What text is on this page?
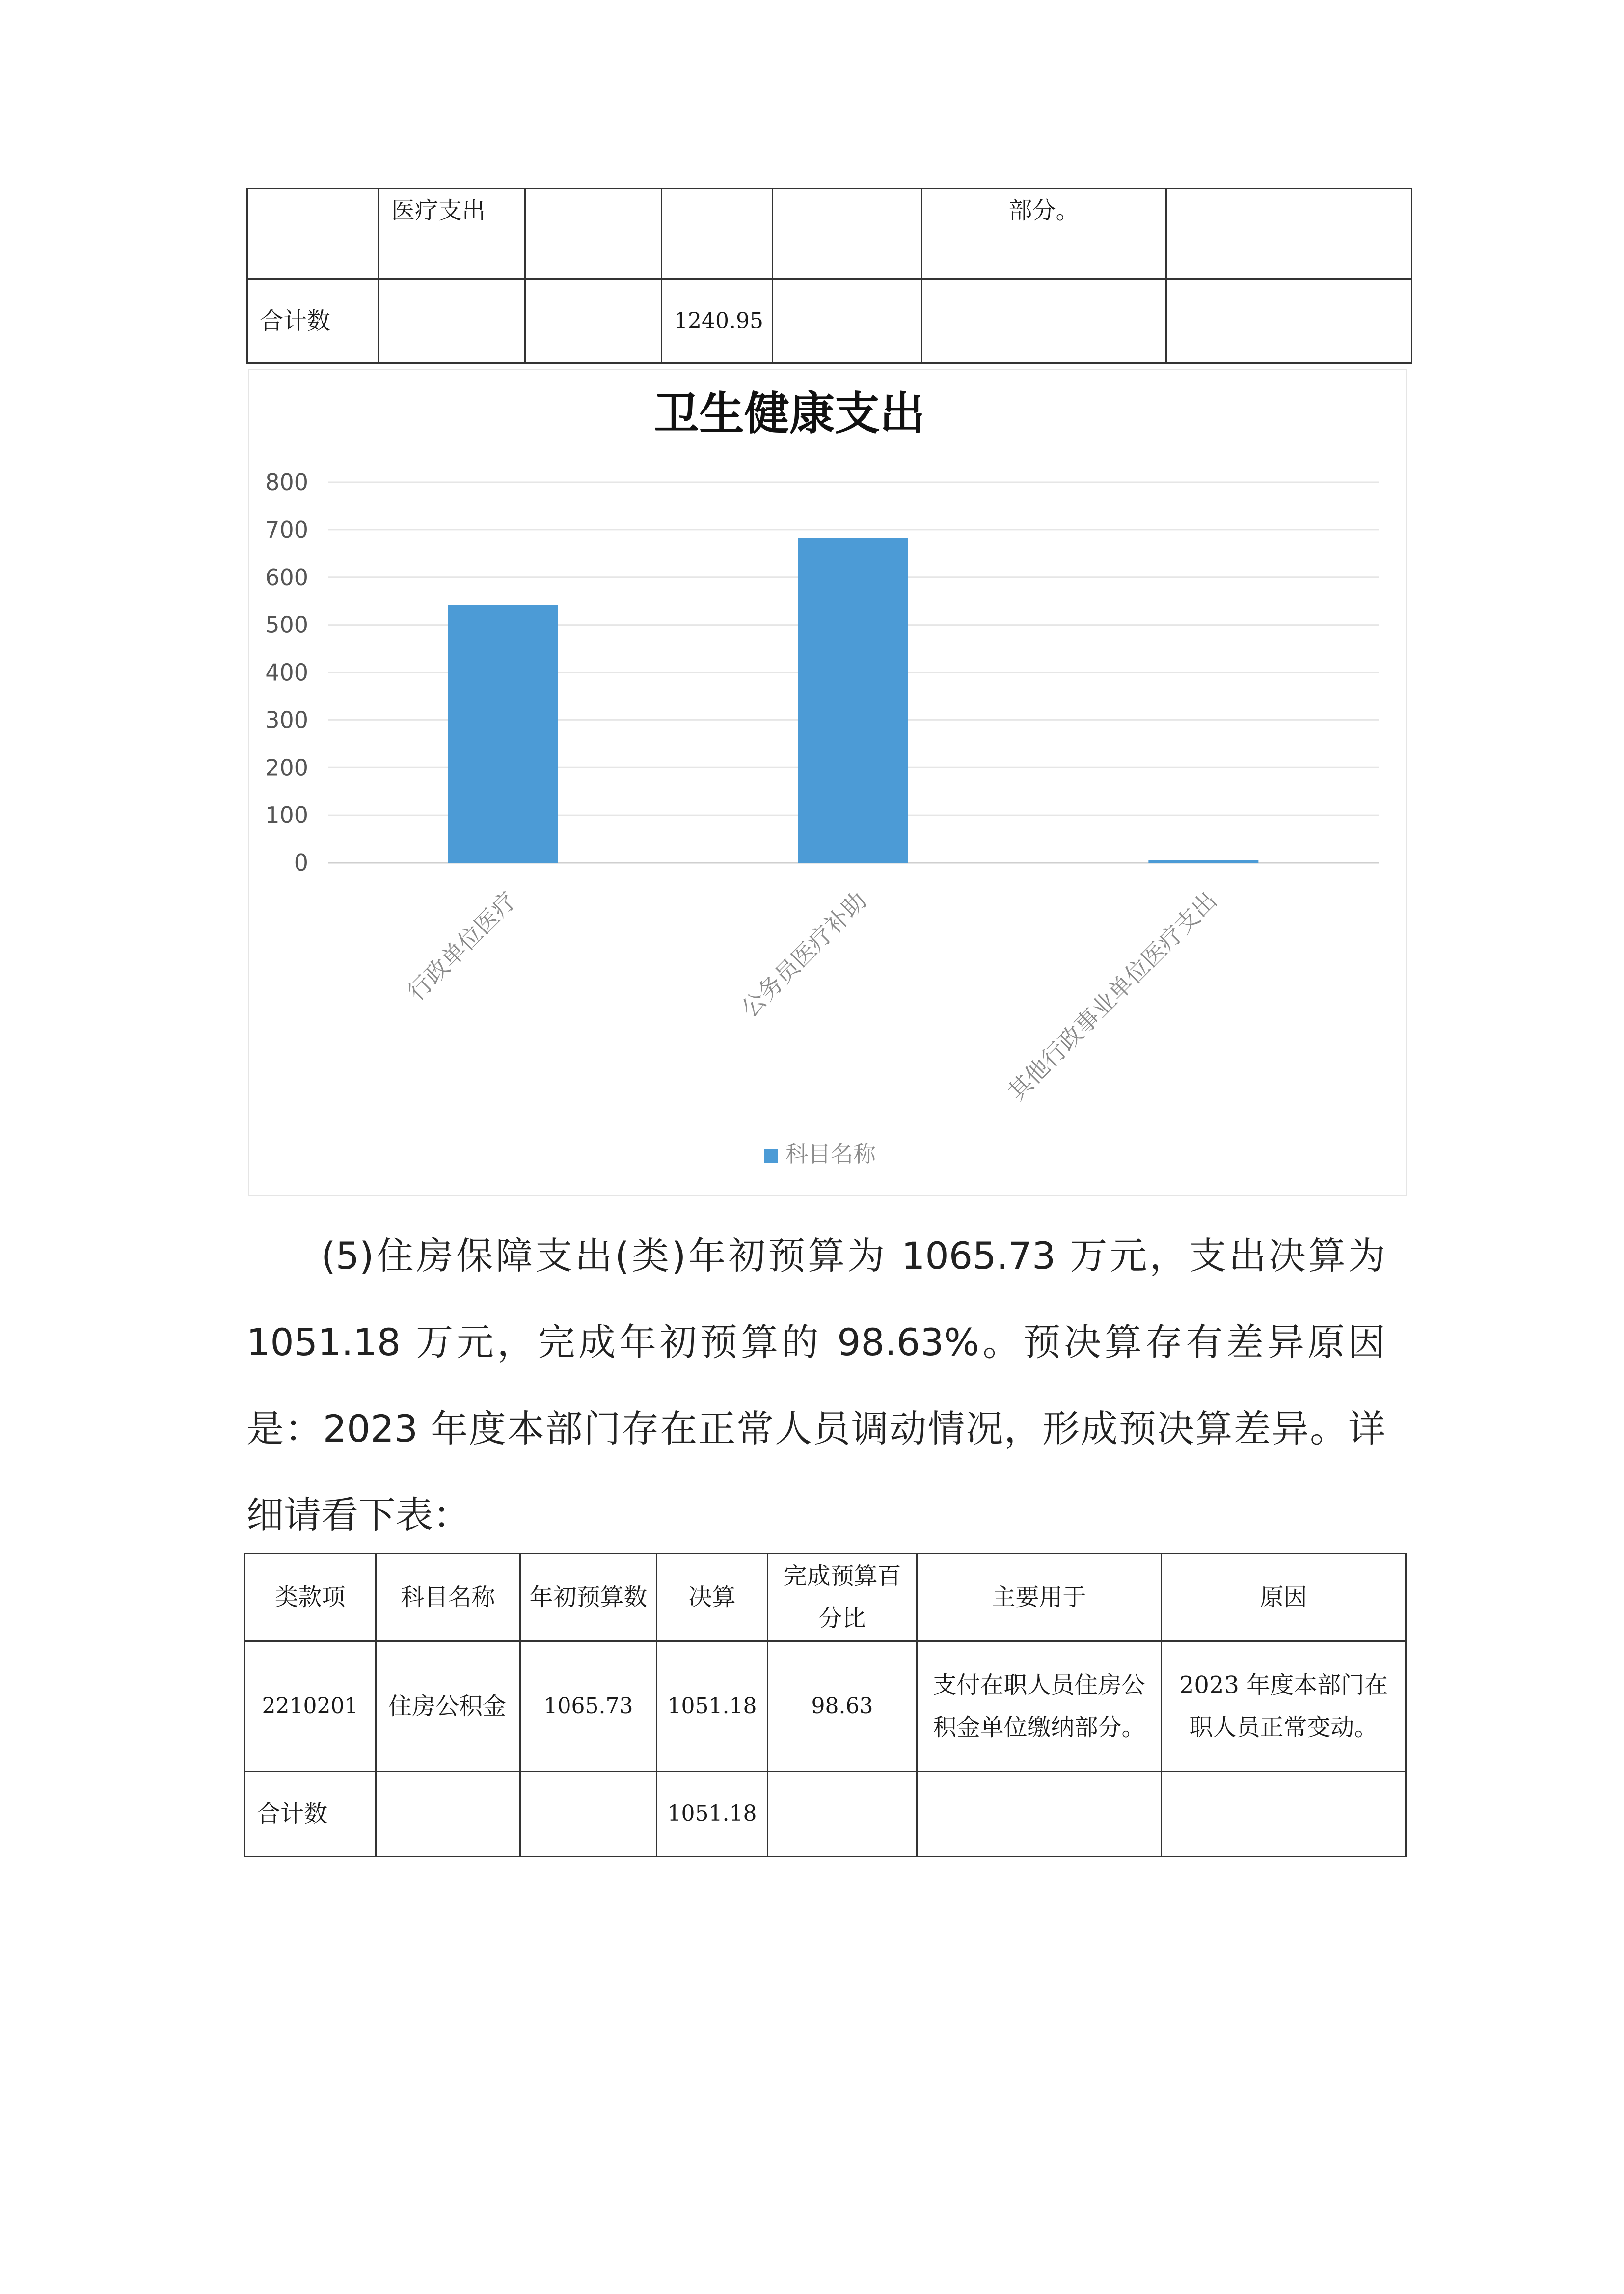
	医疗支出				部分。	
合计数			1240.95			
卫生健康支出
0
100
200
300
400
500
600
700
800
行政单位医疗	公务员医疗补助	其他行政事业单位医疗支出
科目名称

(5)住房保障支出(类)年初预算为 1065.73 万元，支出决算为 1051.18 万元，完成年初预算的 98.63%。预决算存有差异原因是：2023 年度本部门存在正常人员调动情况，形成预决算差异。详细请看下表：

类款项	科目名称	年初预算数	决算	完成预算百分比	主要用于	原因
2210201	住房公积金	1065.73	1051.18	98.63	支付在职人员住房公积金单位缴纳部分。	2023 年度本部门在职人员正常变动。
合计数			1051.18			
